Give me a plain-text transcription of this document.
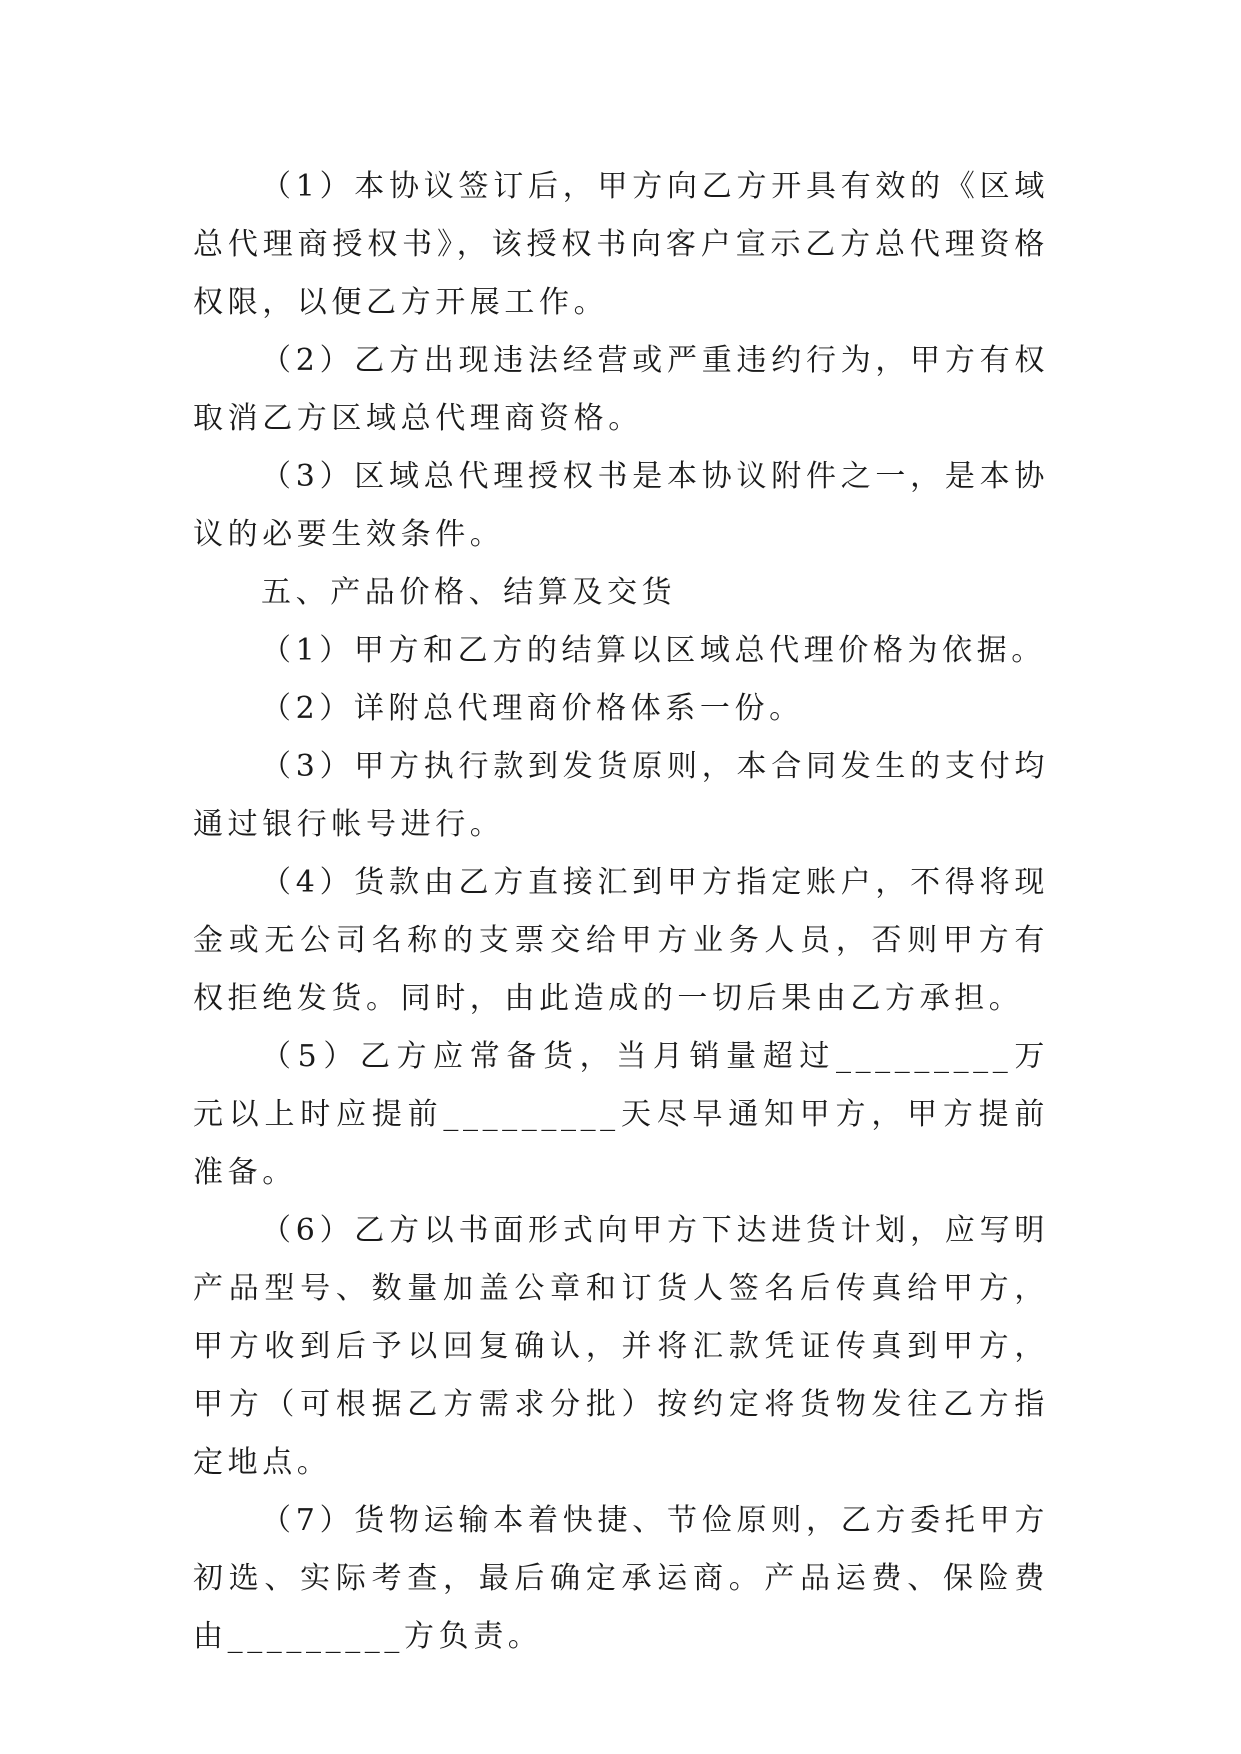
（1）本协议签订后，甲方向乙方开具有效的《区域总代理商授权书》，该授权书向客户宣示乙方总代理资格权限，以便乙方开展工作。

（2）乙方出现违法经营或严重违约行为，甲方有权取消乙方区域总代理商资格。

（3）区域总代理授权书是本协议附件之一，是本协议的必要生效条件。

五、产品价格、结算及交货

（1）甲方和乙方的结算以区域总代理价格为依据。

（2）详附总代理商价格体系一份。

（3）甲方执行款到发货原则，本合同发生的支付均通过银行帐号进行。

（4）货款由乙方直接汇到甲方指定账户，不得将现金或无公司名称的支票交给甲方业务人员，否则甲方有权拒绝发货。同时，由此造成的一切后果由乙方承担。

（5）乙方应常备货，当月销量超过_________万元以上时应提前_________天尽早通知甲方，甲方提前准备。

（6）乙方以书面形式向甲方下达进货计划，应写明产品型号、数量加盖公章和订货人签名后传真给甲方，甲方收到后予以回复确认，并将汇款凭证传真到甲方，甲方（可根据乙方需求分批）按约定将货物发往乙方指定地点。

（7）货物运输本着快捷、节俭原则，乙方委托甲方初选、实际考查，最后确定承运商。产品运费、保险费由_________方负责。
